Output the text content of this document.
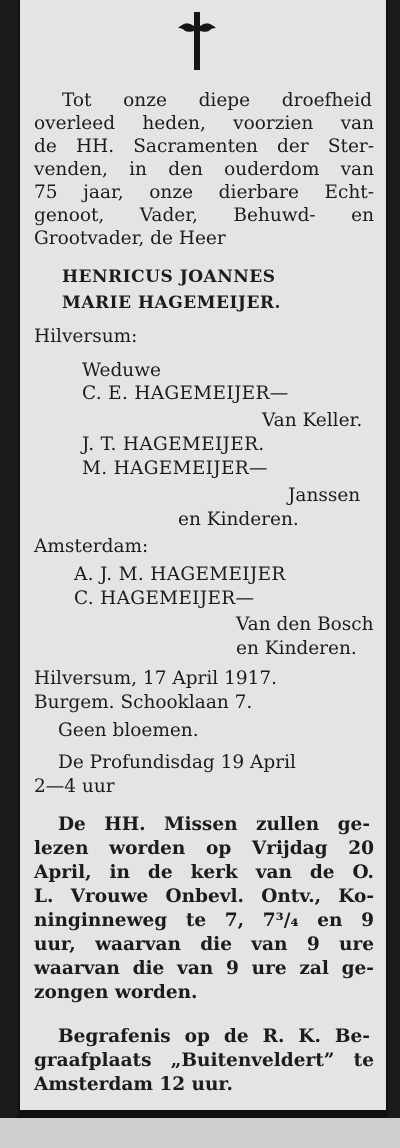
Tot onze diepe droefheid
overleed heden, voorzien van
de HH. Sacramenten der Ster-
venden, in den ouderdom van
75 jaar, onze dierbare Echt-
genoot, Vader, Behuwd- en
Grootvader, de Heer
HENRICUS JOANNES
MARIE HAGEMEIJER.
Hilversum:
Weduwe
C. E. HAGEMEIJER—
Van Keller.
J. T. HAGEMEIJER.
M. HAGEMEIJER—
Janssen
en Kinderen.
Amsterdam:
A. J. M. HAGEMEIJER
C. HAGEMEIJER—
Van den Bosch
en Kinderen.
Hilversum, 17 April 1917.
Burgem. Schooklaan 7.
Geen bloemen.
De Profundisdag 19 April
2—4 uur
De HH. Missen zullen ge-
lezen worden op Vrijdag 20
April, in de kerk van de O.
L. Vrouwe Onbevl. Ontv., Ko-
ninginneweg te 7, 7³/₄ en 9
uur, waarvan die van 9 ure
waarvan die van 9 ure zal ge-
zongen worden.
Begrafenis op de R. K. Be-
graafplaats „Buitenveldert” te
Amsterdam 12 uur.
